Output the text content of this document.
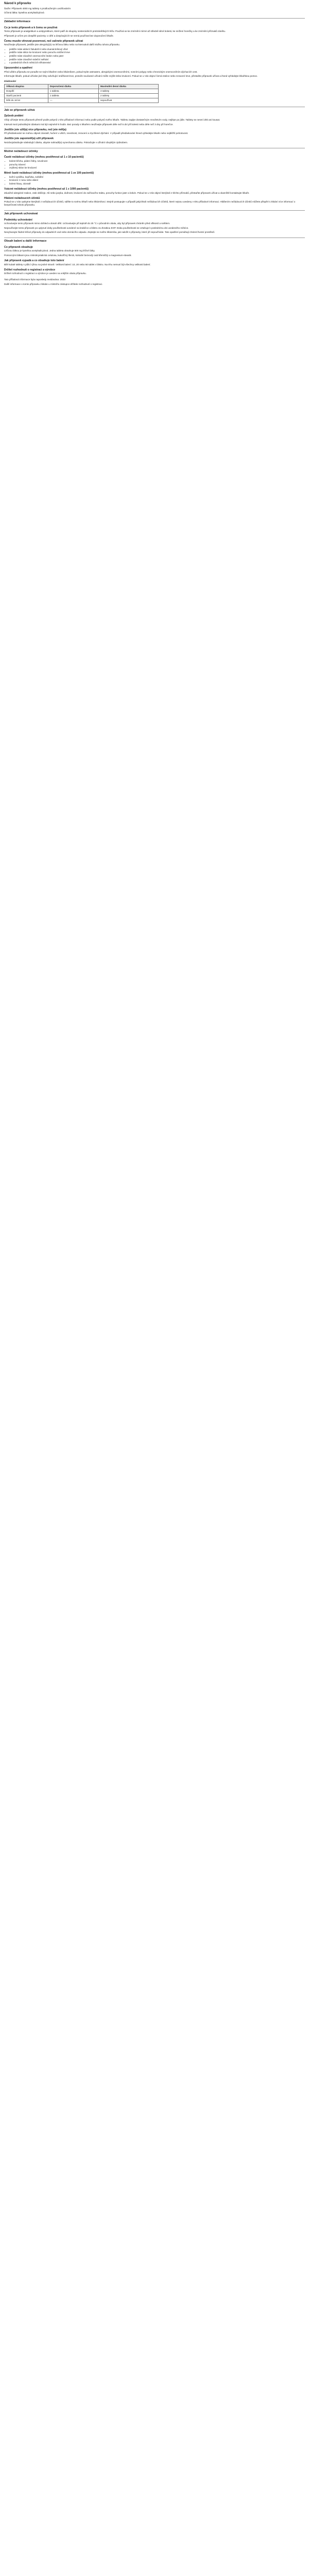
Návod k přípravku

Šarže: Přípravek 4000 mg tablety s prodlouženým uvolňováním

Účinná látka: kyselina acetylsalicylová

Základní informace
Co je tento přípravek a k čemu se používá

Tento přípravek je analgetikum a antipyretikum, které patří do skupiny nesteroidních protizánětlivých léčiv. Používá se ke zmírnění mírné až středně silné bolesti, ke snížení horečky a ke zmírnění příznaků zánětu.

Přípravek je určen pro dospělé pacienty. U dětí a dospívajících se nemá používat bez doporučení lékaře.

Čemu musíte věnovat pozornost, než začnete přípravek užívat

Neužívejte přípravek, jestliže jste alergický(á) na léčivou látku nebo na kteroukoli další složku tohoto přípravku.

• jestliže máte aktivní žaludeční nebo dvanáctníkový vřed
• jestliže máte sklon ke krvácení nebo poruchu srážení krve
• jestliže máte závažné onemocnění ledvin nebo jater
• jestliže máte závažné srdeční selhání
• v posledních třech měsících těhotenství
Upozornění a opatření

Před užitím přípravku se poraďte se svým lékařem nebo lékárníkem, pokud trpíte astmatem, alergickými onemocněními, nosními polypy nebo chronickým onemocněním dýchacích cest.

Informujte lékaře, pokud užíváte jiné léky ovlivňující srážlivost krve, protože současné užívání může zvýšit riziko krvácení. Pokud se u Vás objeví černá stolice nebo zvracení krve, přestaňte přípravek užívat a ihned vyhledejte lékařskou pomoc.

Dávkování
Věková skupina	Doporučená dávka	Maximální denní dávka
Dospělí	1 tableta	3 tablety
Starší pacienti	1 tableta	2 tablety
Děti do 16 let	—	nepoužívat
Jak se přípravek užívá
Způsob podání

Vždy užívejte tento přípravek přesně podle pokynů v této příbalové informaci nebo podle pokynů svého lékaře. Tabletu zapijte dostatečným množstvím vody, nejlépe po jídle. Tablety se nesmí drtit ani kousat.

Interval mezi jednotlivými dávkami má být nejméně 8 hodin. Bez porady s lékařem neužívejte přípravek déle než 5 dní při bolesti nebo déle než 3 dny při horečce.

Jestliže jste užil(a) více přípravku, než jste měl(a)

Při předávkování se mohou objevit závratě, hučení v uších, nevolnost, zvracení a zrychlené dýchání. V případě předávkování ihned vyhledejte lékaře nebo nejbližší pohotovost.

Jestliže jste zapomněl(a) užít přípravek

Nezdvojnásobujte následující dávku, abyste nahradil(a) vynechanou dávku. Pokračujte v užívání obvyklým způsobem.

Možné nežádoucí účinky
Časté nežádoucí účinky (mohou postihnout až 1 z 10 pacientů)
• bolest břicha, pálení žáhy, nevolnost
• poruchy trávení
• zvýšený sklon ke krvácení
Méně časté nežádoucí účinky (mohou postihnout až 1 ze 100 pacientů)
• kožní vyrážka, kopřivka, svědění
• krvácení z nosu nebo dásní
• bolest hlavy, závratě
Vzácné nežádoucí účinky (mohou postihnout až 1 z 1000 pacientů)

Závažné alergické reakce, otok obličeje, rtů nebo jazyka, dušnost, krvácení do zažívacího traktu, poruchy funkce jater a ledvin. Pokud se u Vás objeví kterýkoli z těchto příznaků, přestaňte přípravek užívat a okamžitě kontaktujte lékaře.

Hlášení nežádoucích účinků

Pokud se u Vás vyskytne kterýkoli z nežádoucích účinků, sdělte to svému lékaři nebo lékárníkovi. Stejně postupujte v případě jakýchkoli nežádoucích účinků, které nejsou uvedeny v této příbalové informaci. Hlášením nežádoucích účinků můžete přispět k získání více informací o bezpečnosti tohoto přípravku.

Jak přípravek uchovávat
Podmínky uchovávání

Uchovávejte tento přípravek mimo dohled a dosah dětí. Uchovávejte při teplotě do 25 °C v původním obalu, aby byl přípravek chráněn před vlhkostí a světlem.

Nepoužívejte tento přípravek po uplynutí doby použitelnosti uvedené na krabičce a blistru za zkratkou EXP. Doba použitelnosti se vztahuje k poslednímu dni uvedeného měsíce.

Nevyhazujte žádné léčivé přípravky do odpadních vod nebo domácího odpadu. Zeptejte se svého lékárníka, jak naložit s přípravky, které již nepoužíváte. Tato opatření pomáhají chránit životní prostředí.

Obsah balení a další informace
Co přípravek obsahuje

Léčivou látkou je kyselina acetylsalicylová. Jedna tableta obsahuje 500 mg léčivé látky.

Pomocnými látkami jsou mikrokrystalická celulosa, kukuřičný škrob, koloidní bezvodý oxid křemičitý a magnesium-stearát.

Jak přípravek vypadá a co obsahuje toto balení

Bílé kulaté tablety s půlicí rýhou na jedné straně. Velikost balení: 10, 20 nebo 50 tablet v blistru. Na trhu nemusí být všechny velikosti balení.

Držitel rozhodnutí o registraci a výrobce

Držitel rozhodnutí o registraci a výrobce je uveden na vnějším obalu přípravku.

Tato příbalová informace byla naposledy revidována: 2023

Další informace o tomto přípravku získáte u místního zástupce držitele rozhodnutí o registraci.
